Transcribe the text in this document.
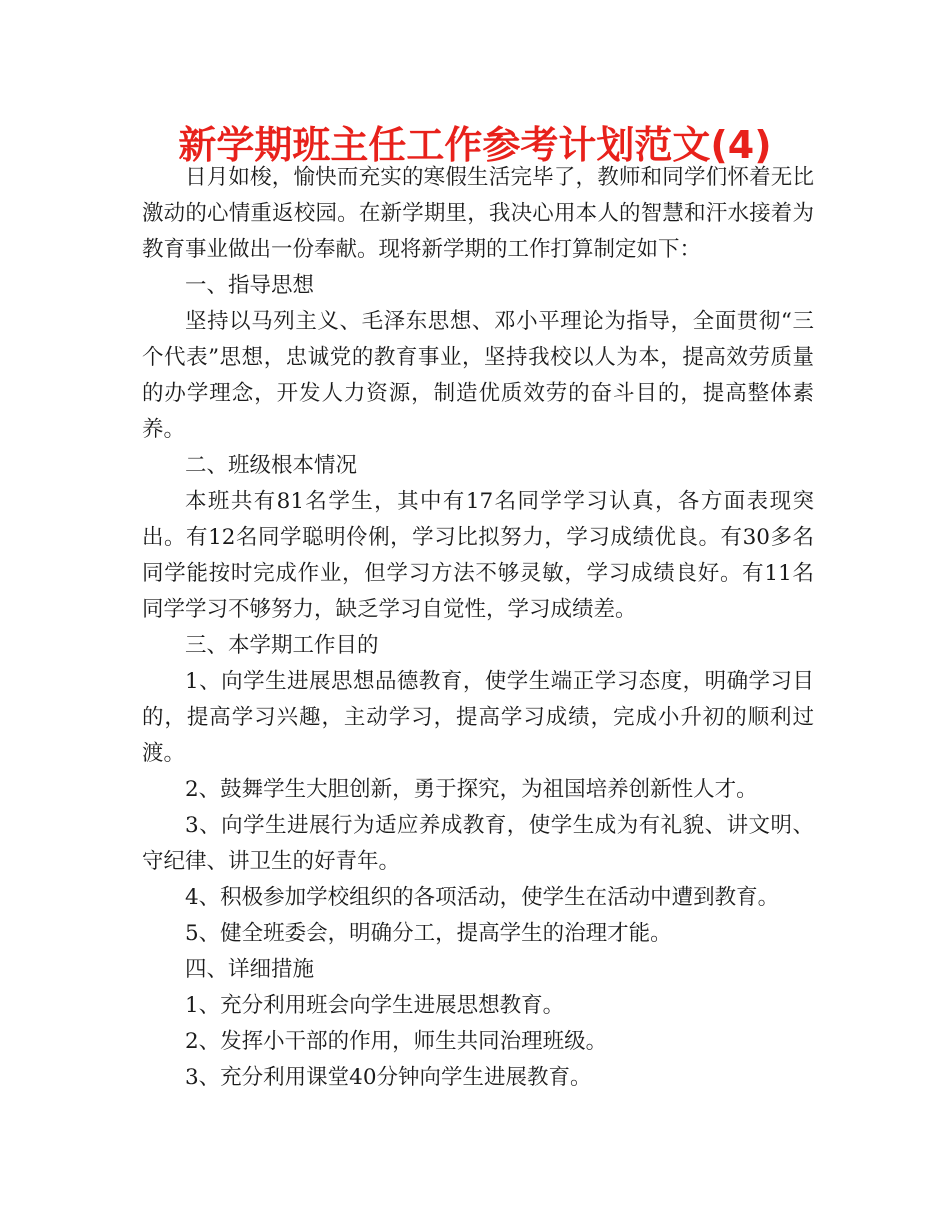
新学期班主任工作参考计划范文(4)

日月如梭，愉快而充实的寒假生活完毕了，教师和同学们怀着无比激动的心情重返校园。在新学期里，我决心用本人的智慧和汗水接着为教育事业做出一份奉献。现将新学期的工作打算制定如下：

一、指导思想

坚持以马列主义、毛泽东思想、邓小平理论为指导，全面贯彻“三个代表”思想，忠诚党的教育事业，坚持我校以人为本，提高效劳质量的办学理念，开发人力资源，制造优质效劳的奋斗目的，提高整体素养。

二、班级根本情况

本班共有81名学生，其中有17名同学学习认真，各方面表现突出。有12名同学聪明伶俐，学习比拟努力，学习成绩优良。有30多名同学能按时完成作业，但学习方法不够灵敏，学习成绩良好。有11名同学学习不够努力，缺乏学习自觉性，学习成绩差。

三、本学期工作目的

1、向学生进展思想品德教育，使学生端正学习态度，明确学习目的，提高学习兴趣，主动学习，提高学习成绩，完成小升初的顺利过渡。

2、鼓舞学生大胆创新，勇于探究，为祖国培养创新性人才。

3、向学生进展行为适应养成教育，使学生成为有礼貌、讲文明、守纪律、讲卫生的好青年。

4、积极参加学校组织的各项活动，使学生在活动中遭到教育。

5、健全班委会，明确分工，提高学生的治理才能。

四、详细措施

1、充分利用班会向学生进展思想教育。

2、发挥小干部的作用，师生共同治理班级。

3、充分利用课堂40分钟向学生进展教育。
